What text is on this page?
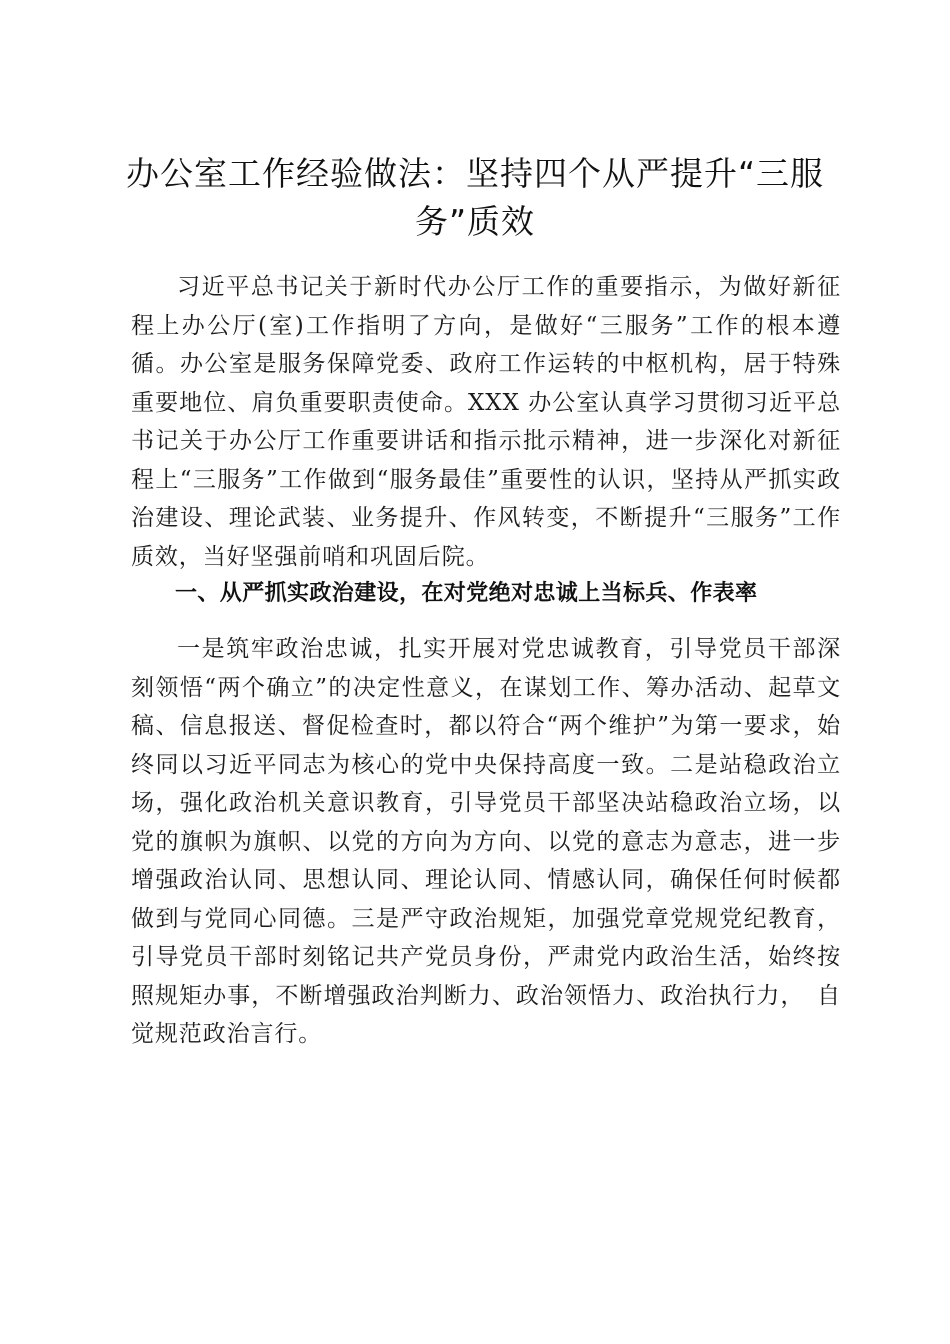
办公室工作经验做法：坚持四个从严提升“三服务”质效

习近平总书记关于新时代办公厅工作的重要指示，为做好新征程上办公厅(室)工作指明了方向，是做好“三服务”工作的根本遵循。办公室是服务保障党委、政府工作运转的中枢机构，居于特殊重要地位、肩负重要职责使命。XXX 办公室认真学习贯彻习近平总书记关于办公厅工作重要讲话和指示批示精神，进一步深化对新征程上“三服务”工作做到“服务最佳”重要性的认识，坚持从严抓实政治建设、理论武装、业务提升、作风转变，不断提升“三服务”工作质效，当好坚强前哨和巩固后院。

一、从严抓实政治建设，在对党绝对忠诚上当标兵、作表率

一是筑牢政治忠诚，扎实开展对党忠诚教育，引导党员干部深刻领悟“两个确立”的决定性意义，在谋划工作、筹办活动、起草文稿、信息报送、督促检查时，都以符合“两个维护”为第一要求，始终同以习近平同志为核心的党中央保持高度一致。二是站稳政治立场，强化政治机关意识教育，引导党员干部坚决站稳政治立场，以党的旗帜为旗帜、以党的方向为方向、以党的意志为意志，进一步增强政治认同、思想认同、理论认同、情感认同，确保任何时候都做到与党同心同德。三是严守政治规矩，加强党章党规党纪教育，引导党员干部时刻铭记共产党员身份，严肃党内政治生活，始终按照规矩办事，不断增强政治判断力、政治领悟力、政治执行力，　自觉规范政治言行。
